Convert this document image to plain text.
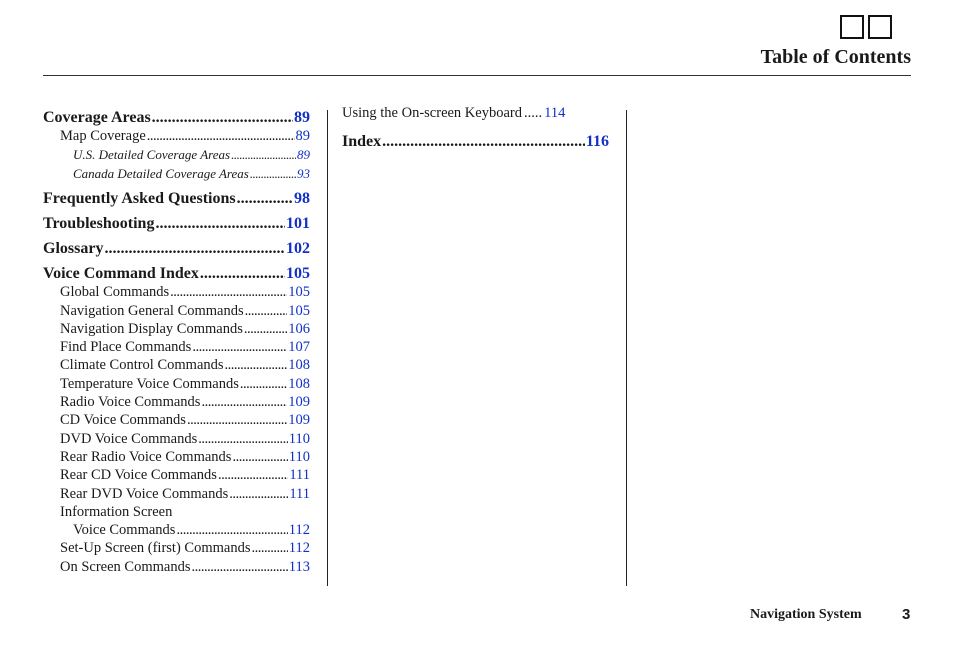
Table of Contents
Coverage Areas .....	89
Map Coverage .....	89
U.S. Detailed Coverage Areas .....	89
Canada Detailed Coverage Areas .....	93
Frequently Asked Questions .....	98
Troubleshooting .....	101
Glossary .....	102
Voice Command Index .....	105
Global Commands .....	105
Navigation General Commands .....	105
Navigation Display Commands .....	106
Find Place Commands .....	107
Climate Control Commands .....	108
Temperature Voice Commands .....	108
Radio Voice Commands .....	109
CD Voice Commands .....	109
DVD Voice Commands .....	110
Rear Radio Voice Commands .....	110
Rear CD Voice Commands .....	111
Rear DVD Voice Commands .....	111
Information Screen
Voice Commands .....	112
Set-Up Screen (first) Commands .....	112
On Screen Commands .....	113
Using the On-screen Keyboard ..... 114
Index .....	116
Navigation System	3
